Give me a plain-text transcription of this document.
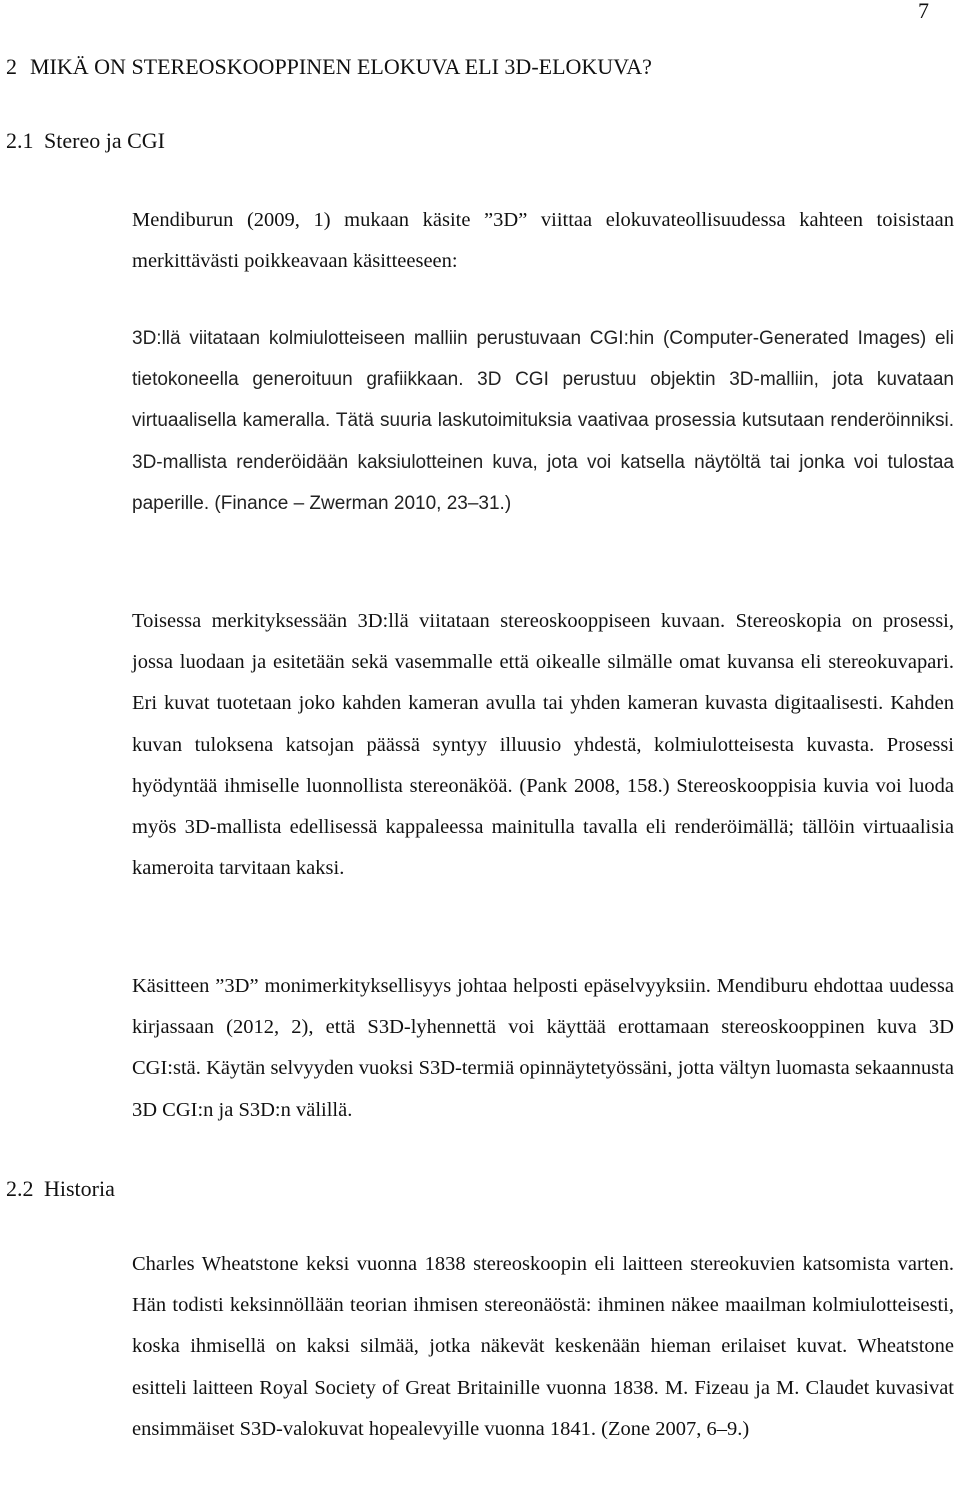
7
2 MIKÄ ON STEREOSKOOPPINEN ELOKUVA ELI 3D-ELOKUVA?
2.1 Stereo ja CGI

Mendiburun (2009, 1) mukaan käsite ”3D” viittaa elokuvateollisuudessa kahteen toisistaan merkittävästi poikkeavaan käsitteeseen:

3D:llä viitataan kolmiulotteiseen malliin perustuvaan CGI:hin (Computer-Generated Images) eli tietokoneella generoituun grafiikkaan. 3D CGI perustuu objektin 3D-malliin, jota kuvataan virtuaalisella kameralla. Tätä suuria laskutoimituksia vaativaa prosessia kutsutaan renderöinniksi. 3D-mallista renderöidään kaksiulotteinen kuva, jota voi katsella näytöltä tai jonka voi tulostaa paperille. (Finance – Zwerman 2010, 23–31.)

Toisessa merkityksessään 3D:llä viitataan stereoskooppiseen kuvaan. Stereoskopia on prosessi, jossa luodaan ja esitetään sekä vasemmalle että oikealle silmälle omat kuvansa eli stereokuvapari. Eri kuvat tuotetaan joko kahden kameran avulla tai yhden kameran kuvasta digitaalisesti. Kahden kuvan tuloksena katsojan päässä syntyy illuusio yhdestä, kolmiulotteisesta kuvasta. Prosessi hyödyntää ihmiselle luonnollista stereonäköä. (Pank 2008, 158.) Stereoskooppisia kuvia voi luoda myös 3D-mallista edellisessä kappaleessa mainitulla tavalla eli renderöimällä; tällöin virtuaalisia kameroita tarvitaan kaksi.

Käsitteen ”3D” monimerkityksellisyys johtaa helposti epäselvyyksiin. Mendiburu ehdottaa uudessa kirjassaan (2012, 2), että S3D-lyhennettä voi käyttää erottamaan stereoskooppinen kuva 3D CGI:stä. Käytän selvyyden vuoksi S3D-termiä opinnäytetyössäni, jotta vältyn luomasta sekaannusta 3D CGI:n ja S3D:n välillä.

2.2 Historia

Charles Wheatstone keksi vuonna 1838 stereoskoopin eli laitteen stereokuvien katsomista varten. Hän todisti keksinnöllään teorian ihmisen stereonäöstä: ihminen näkee maailman kolmiulotteisesti, koska ihmisellä on kaksi silmää, jotka näkevät keskenään hieman erilaiset kuvat. Wheatstone esitteli laitteen Royal Society of Great Britainille vuonna 1838. M. Fizeau ja M. Claudet kuvasivat ensimmäiset S3D-valokuvat hopealevyille vuonna 1841. (Zone 2007, 6–9.)
